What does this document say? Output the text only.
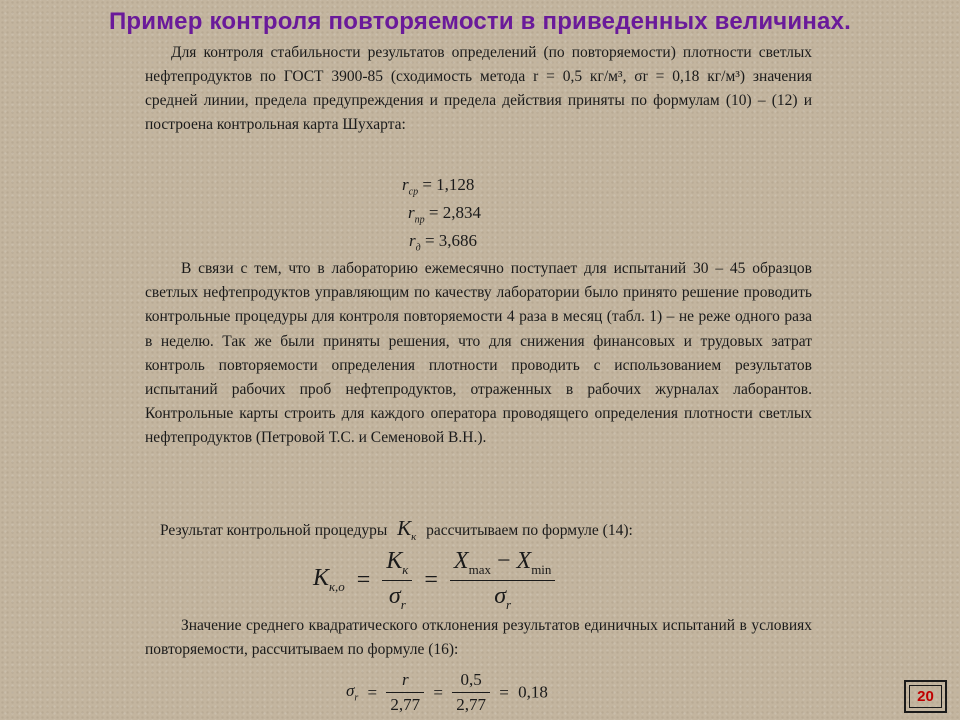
Пример контроля повторяемости в приведенных величинах.
Для контроля стабильности результатов определений (по повторяемости) плотности светлых нефтепродуктов по ГОСТ 3900-85 (сходимость метода r = 0,5 кг/м³, σr = 0,18 кг/м³) значения средней линии, предела предупреждения и предела действия приняты по формулам (10) – (12) и построена контрольная карта Шухарта:
$r_{ср} = 1,128$
$r_{пр} = 2,834$
$r_д = 3,686$
В связи с тем, что в лабораторию ежемесячно поступает для испытаний 30 – 45 образцов светлых нефтепродуктов управляющим по качеству лаборатории было принято решение проводить контрольные процедуры для контроля повторяемости 4 раза в месяц (табл. 1) – не реже одного раза в неделю. Так же были приняты решения, что для снижения финансовых и трудовых затрат контроль повторяемости определения плотности проводить с использованием результатов испытаний рабочих проб нефтепродуктов, отраженных в рабочих журналах лаборантов. Контрольные карты строить для каждого оператора проводящего определения плотности светлых нефтепродуктов (Петровой Т.С. и Семеновой В.Н.).
Результат контрольной процедуры $К_к$ рассчитываем по формуле (14):
$К_{к,о} = \frac{К_к}{\sigma_r} = \frac{X_{max} - X_{min}}{\sigma_r}$
Значение среднего квадратического отклонения результатов единичных испытаний в условиях повторяемости, рассчитываем по формуле (16):
$\sigma_r = \frac{r}{2,77} = \frac{0,5}{2,77} = 0,18$	20
